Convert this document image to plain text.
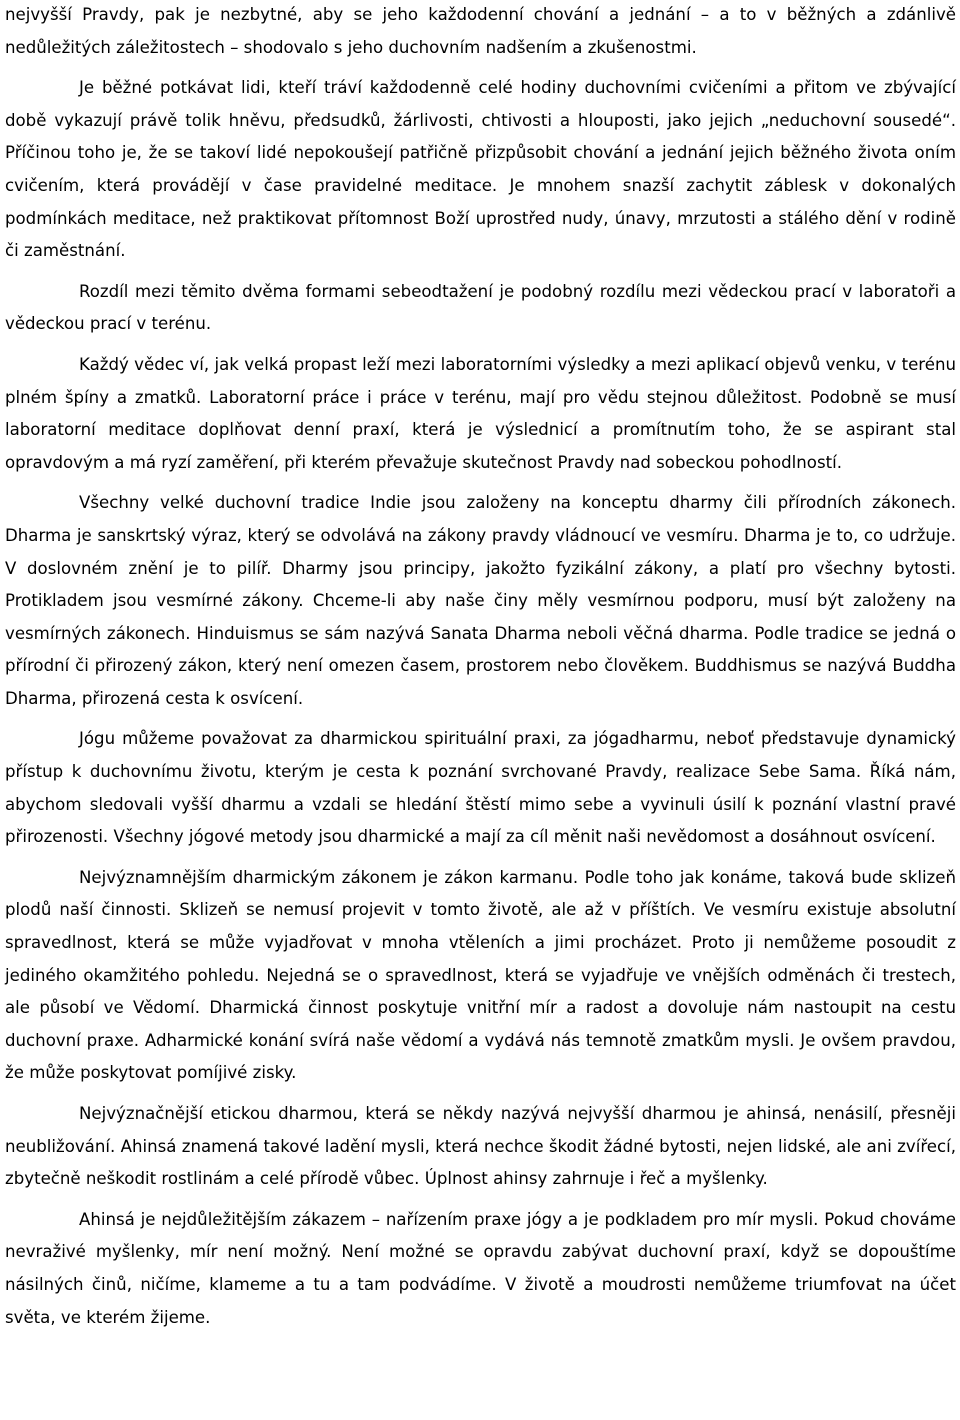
nejvyšší Pravdy, pak je nezbytné, aby se jeho každodenní chování a jednání – a to v běžných a zdánlivě nedůležitých záležitostech – shodovalo s jeho duchovním nadšením a zkušenostmi.

Je běžné potkávat lidi, kteří tráví každodenně celé hodiny duchovními cvičeními a přitom ve zbývající době vykazují právě tolik hněvu, předsudků, žárlivosti, chtivosti a hlouposti, jako jejich „neduchovní sousedé“. Příčinou toho je, že se takoví lidé nepokoušejí patřičně přizpůsobit chování a jednání jejich běžného života oním cvičením, která provádějí v čase pravidelné meditace. Je mnohem snazší zachytit záblesk v dokonalých podmínkách meditace, než praktikovat přítomnost Boží uprostřed nudy, únavy, mrzutosti a stálého dění v rodině či zaměstnání.

Rozdíl mezi těmito dvěma formami sebeodtažení je podobný rozdílu mezi vědeckou prací v laboratoři a vědeckou prací v terénu.

Každý vědec ví, jak velká propast leží mezi laboratorními výsledky a mezi aplikací objevů venku, v terénu plném špíny a zmatků. Laboratorní práce i práce v terénu, mají pro vědu stejnou důležitost. Podobně se musí laboratorní meditace doplňovat denní praxí, která je výslednicí a promítnutím toho, že se aspirant stal opravdovým a má ryzí zaměření, při kterém převažuje skutečnost Pravdy nad sobeckou pohodlností.

Všechny velké duchovní tradice Indie jsou založeny na konceptu dharmy čili přírodních zákonech. Dharma je sanskrtský výraz, který se odvolává na zákony pravdy vládnoucí ve vesmíru. Dharma je to, co udržuje. V doslovném znění je to pilíř. Dharmy jsou principy, jakožto fyzikální zákony, a platí pro všechny bytosti. Protikladem jsou vesmírné zákony. Chceme-li aby naše činy měly vesmírnou podporu, musí být založeny na vesmírných zákonech. Hinduismus se sám nazývá Sanata Dharma neboli věčná dharma. Podle tradice se jedná o přírodní či přirozený zákon, který není omezen časem, prostorem nebo člověkem. Buddhismus se nazývá Buddha Dharma, přirozená cesta k osvícení.

Jógu můžeme považovat za dharmickou spirituální praxi, za jógadharmu, neboť představuje dynamický přístup k duchovnímu životu, kterým je cesta k poznání svrchované Pravdy, realizace Sebe Sama. Říká nám, abychom sledovali vyšší dharmu a vzdali se hledání štěstí mimo sebe a vyvinuli úsilí k poznání vlastní pravé přirozenosti. Všechny jógové metody jsou dharmické a mají za cíl měnit naši nevědomost a dosáhnout osvícení.

Nejvýznamnějším dharmickým zákonem je zákon karmanu. Podle toho jak konáme, taková bude sklizeň plodů naší činnosti. Sklizeň se nemusí projevit v tomto životě, ale až v příštích. Ve vesmíru existuje absolutní spravedlnost, která se může vyjadřovat v mnoha vtěleních a jimi procházet. Proto ji nemůžeme posoudit z jediného okamžitého pohledu. Nejedná se o spravedlnost, která se vyjadřuje ve vnějších odměnách či trestech, ale působí ve Vědomí. Dharmická činnost poskytuje vnitřní mír a radost a dovoluje nám nastoupit na cestu duchovní praxe. Adharmické konání svírá naše vědomí a vydává nás temnotě zmatkům mysli. Je ovšem pravdou, že může poskytovat pomíjivé zisky.

Nejvýznačnější etickou dharmou, která se někdy nazývá nejvyšší dharmou je ahinsá, nenásilí, přesněji neubližování. Ahinsá znamená takové ladění mysli, která nechce škodit žádné bytosti, nejen lidské, ale ani zvířecí, zbytečně neškodit rostlinám a celé přírodě vůbec. Úplnost ahinsy zahrnuje i řeč a myšlenky.

Ahinsá je nejdůležitějším zákazem – nařízením praxe jógy a je podkladem pro mír mysli. Pokud chováme nevraživé myšlenky, mír není možný. Není možné se opravdu zabývat duchovní praxí, když se dopouštíme násilných činů, ničíme, klameme a tu a tam podvádíme. V životě a moudrosti nemůžeme triumfovat na účet světa, ve kterém žijeme.
